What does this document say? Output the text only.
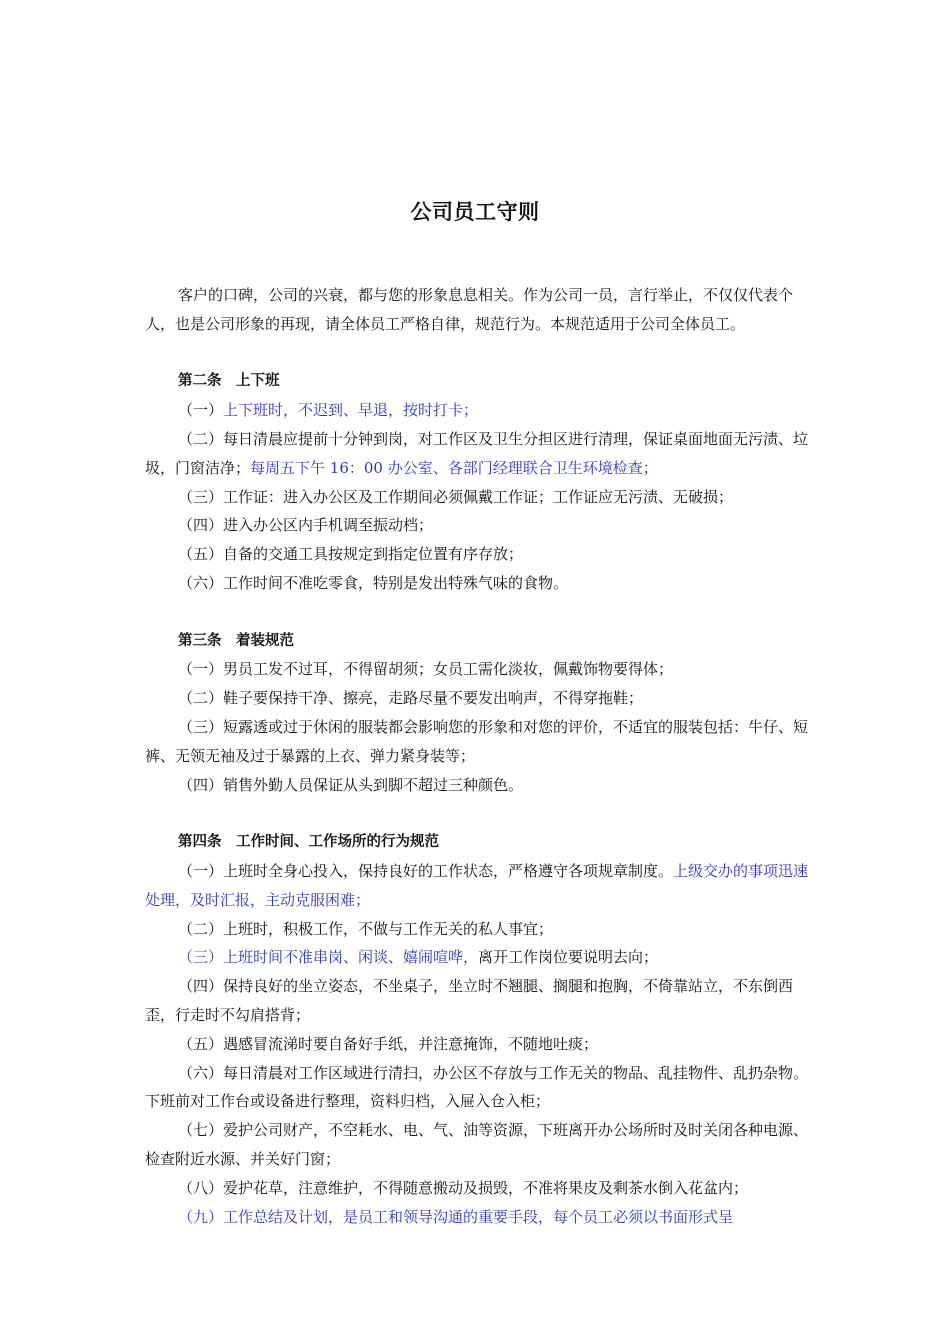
公司员工守则

客户的口碑，公司的兴衰，都与您的形象息息相关。作为公司一员，言行举止，不仅仅代表个人，也是公司形象的再现，请全体员工严格自律，规范行为。本规范适用于公司全体员工。

第二条　上下班

（一）上下班时，不迟到、早退，按时打卡；

（二）每日清晨应提前十分钟到岗，对工作区及卫生分担区进行清理，保证桌面地面无污渍、垃圾，门窗洁净；每周五下午 16：00 办公室、各部门经理联合卫生环境检查；

（三）工作证：进入办公区及工作期间必须佩戴工作证；工作证应无污渍、无破损；

（四）进入办公区内手机调至振动档；

（五）自备的交通工具按规定到指定位置有序存放；

（六）工作时间不准吃零食，特别是发出特殊气味的食物。

第三条　着装规范

（一）男员工发不过耳，不得留胡须；女员工需化淡妆，佩戴饰物要得体；

（二）鞋子要保持干净、擦亮，走路尽量不要发出响声，不得穿拖鞋；

（三）短露透或过于休闲的服装都会影响您的形象和对您的评价，不适宜的服装包括：牛仔、短裤、无领无袖及过于暴露的上衣、弹力紧身装等；

（四）销售外勤人员保证从头到脚不超过三种颜色。

第四条　工作时间、工作场所的行为规范

（一）上班时全身心投入，保持良好的工作状态，严格遵守各项规章制度。上级交办的事项迅速处理，及时汇报，主动克服困难；

（二）上班时，积极工作，不做与工作无关的私人事宜；

（三）上班时间不准串岗、闲谈、嬉闹喧哗，离开工作岗位要说明去向；

（四）保持良好的坐立姿态，不坐桌子，坐立时不翘腿、搁腿和抱胸，不倚靠站立，不东倒西歪，行走时不勾肩搭背；

（五）遇感冒流涕时要自备好手纸，并注意掩饰，不随地吐痰；

（六）每日清晨对工作区域进行清扫，办公区不存放与工作无关的物品、乱挂物件、乱扔杂物。下班前对工作台或设备进行整理，资料归档，入屉入仓入柜；

（七）爱护公司财产，不空耗水、电、气、油等资源，下班离开办公场所时及时关闭各种电源、检查附近水源、并关好门窗；

（八）爱护花草，注意维护，不得随意搬动及损毁，不准将果皮及剩茶水倒入花盆内；

（九）工作总结及计划，是员工和领导沟通的重要手段，每个员工必须以书面形式呈
